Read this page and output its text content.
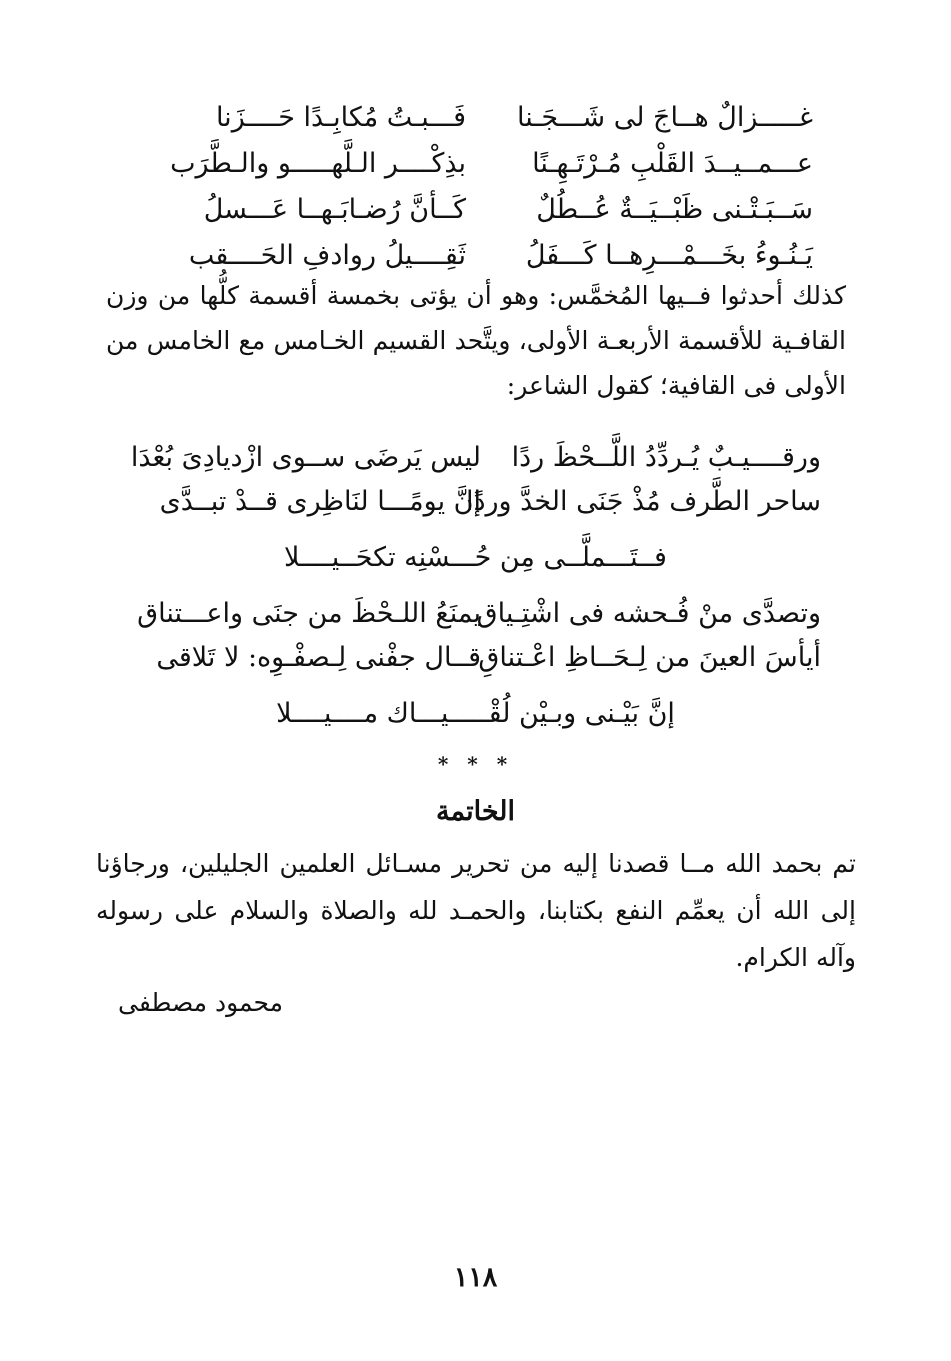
غـــــزالٌ هــاجَ لى شَـــجَـنا
فَـــبـتُ مُكابِـدًا حَــــزَنا
عـــمــيــدَ القَلْبِ مُـرْتَـهِـنًا
بذِكْــــر الـلَّهـــــو والـطَّرَب
سَــبَـتْـنى ظَبْــيَــةٌ عُــطُلٌ
كَــأنَّ رُضـابَـهــا عَـــسلُ
يَـنُـوءُ بخَـــمْـــرِهــا كَـــفَلُ
ثَقِــــيلُ روادفِ الحَــــقب

كذلك أحدثوا فــيها المُخمَّس: وهو أن يؤتى بخمسة أقسمة كلُّها من وزن القافـية للأقسمة الأربعـة الأولى، ويتَّحد القسيم الخـامس مع الخامس من الأولى فى القافية؛ كقول الشاعر:

ورقــــيـبٌ يُـردِّدُ اللَّــحْظَ ردًا
ليس يَرضَى ســوى ازْديادِىَ بُعْدَا
ساحر الطَّرف مُذْ جَنَى الخدَّ وردًا
إنَّ يومًـــا لنَاظِرى قــدْ تبــدَّى
فــتَـــملَّــى مِن حُـــسْنِه تكحَــيــــلا
وتصدَّى منْ فُـحشه فى اشْتِـياق
يمنَعُ اللـحْظَ من جنَى واعـــتناق
أيأسَ العينَ من لِـحَــاظِ اعْـتناقِ
قــال جفْنى لِـصفْـوِه: لا تَلاقى
إنَّ بَيْـنى وبـيْن لُقْـــــيـــاك مــــيــــلا
* * *
الخاتمة

تم بحمد الله مــا قصدنا إليه من تحرير مسـائل العلمين الجليلين، ورجاؤنا إلى الله أن يعمِّم النفع بكتابنا، والحمـد لله والصلاة والسلام على رسوله وآله الكرام.

محمود مصطفى
١١٨
